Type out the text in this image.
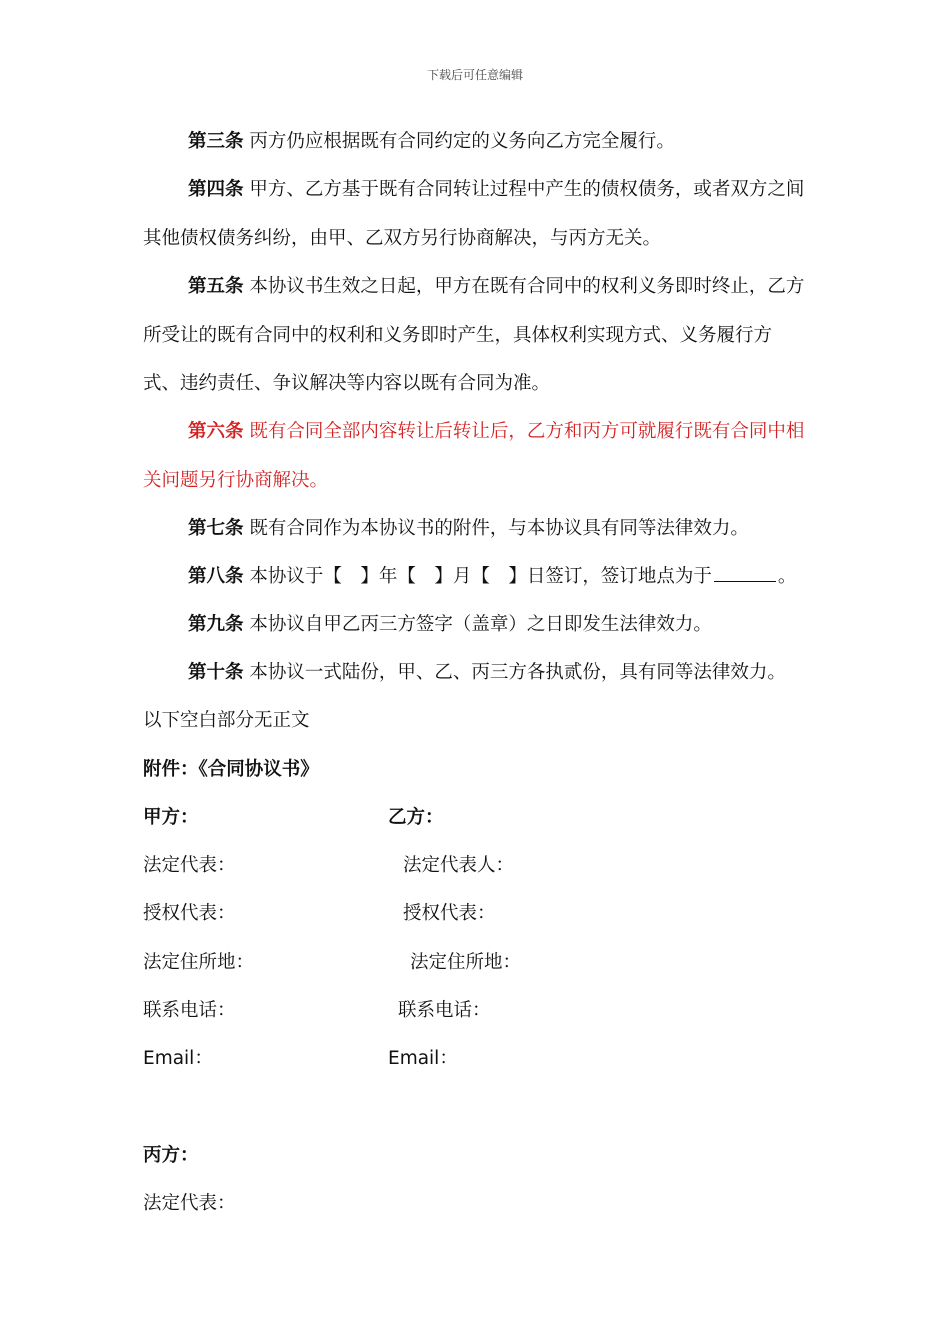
下载后可任意编辑
第三条 丙方仍应根据既有合同约定的义务向乙方完全履行。
第四条 甲方、乙方基于既有合同转让过程中产生的债权债务，或者双方之间其他债权债务纠纷，由甲、乙双方另行协商解决，与丙方无关。
第五条 本协议书生效之日起，甲方在既有合同中的权利义务即时终止，乙方所受让的既有合同中的权利和义务即时产生，具体权利实现方式、义务履行方式、违约责任、争议解决等内容以既有合同为准。
第六条 既有合同全部内容转让后转让后，乙方和丙方可就履行既有合同中相关问题另行协商解决。
第七条 既有合同作为本协议书的附件，与本协议具有同等法律效力。
第八条 本协议于【　】年【　】月【　】日签订，签订地点为于	。
第九条 本协议自甲乙丙三方签字（盖章）之日即发生法律效力。
第十条 本协议一式陆份，甲、乙、丙三方各执贰份，具有同等法律效力。
以下空白部分无正文
附件：《合同协议书》
甲方：	乙方：
法定代表：	法定代表人：
授权代表：	授权代表：
法定住所地：	法定住所地：
联系电话：	联系电话：
Email：	Email：
丙方：
法定代表：
